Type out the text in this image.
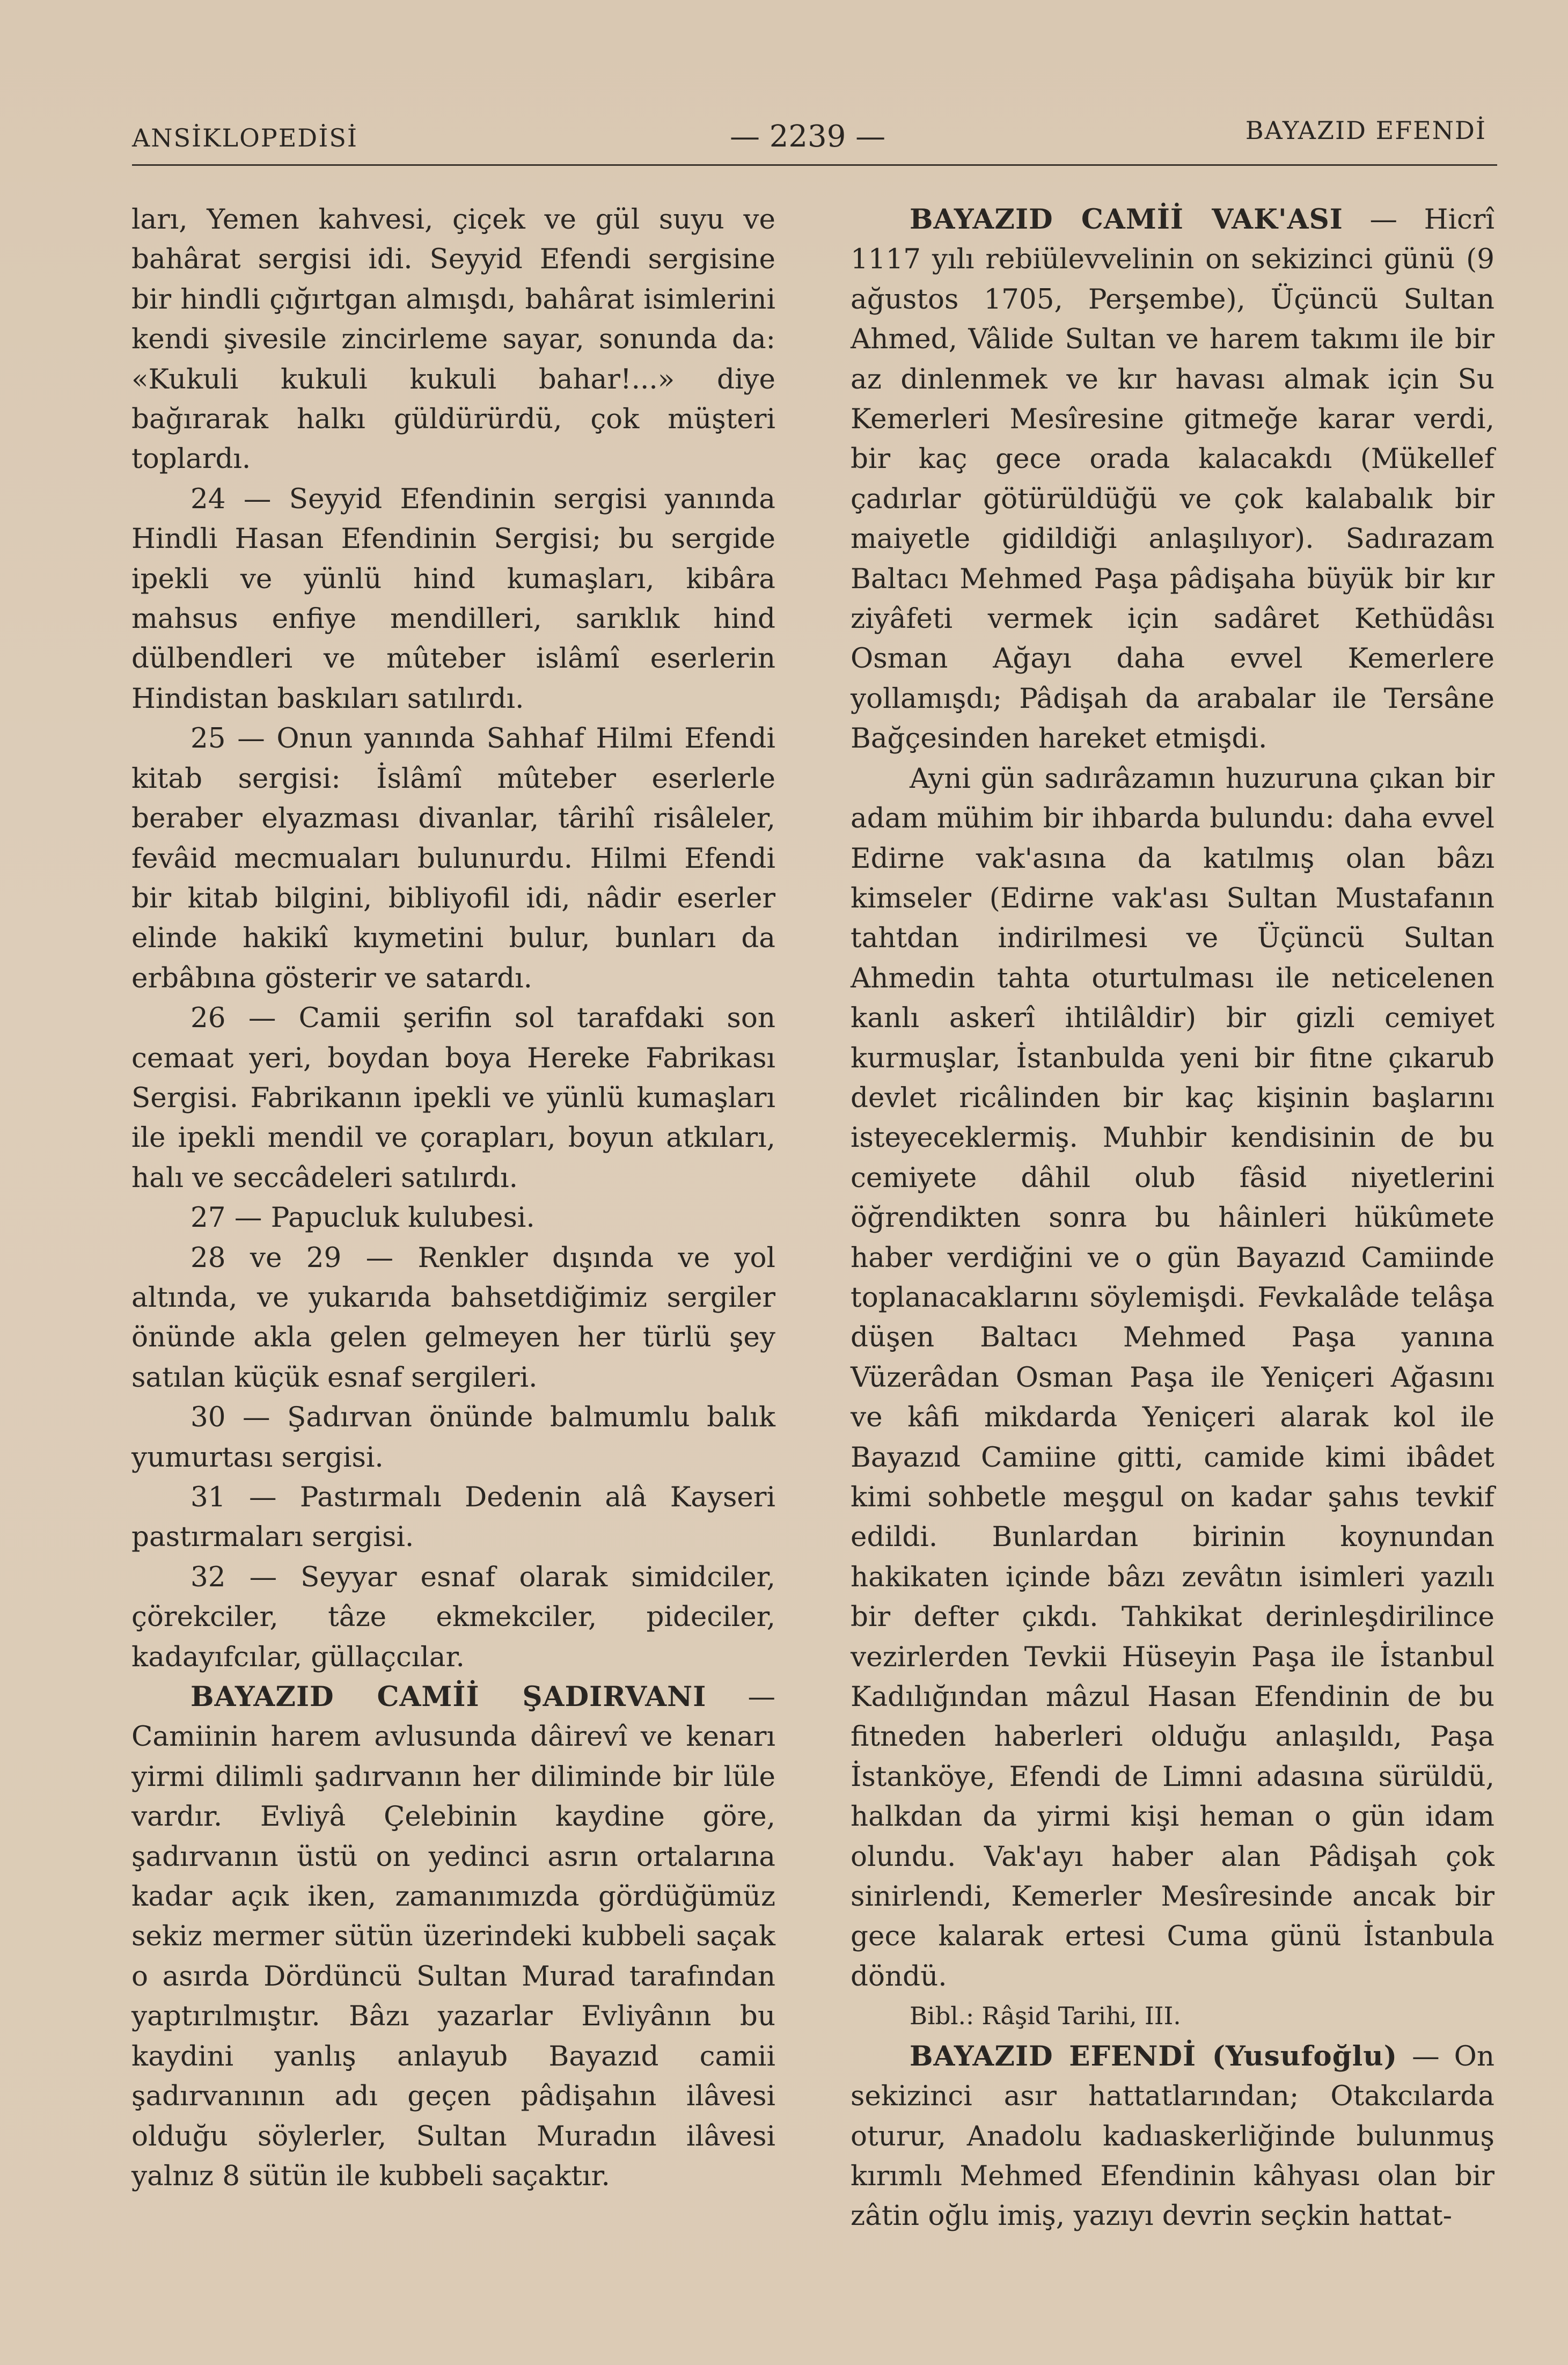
ANSİKLOPEDİSİ	— 2239 —	BAYAZID EFENDİ

ları, Yemen kahvesi, çiçek ve gül suyu ve bahârat sergisi idi. Seyyid Efendi sergisine bir hindli çığırtgan almışdı, bahârat isimlerini kendi şivesile zincirleme sayar, sonunda da: «Kukuli kukuli kukuli bahar!...» diye bağırarak halkı güldürürdü, çok müşteri toplardı.

24 — Seyyid Efendinin sergisi yanında Hindli Hasan Efendinin Sergisi; bu sergide ipekli ve yünlü hind kumaşları, kibâra mahsus enfiye mendilleri, sarıklık hind dülbendleri ve mûteber islâmî eserlerin Hindistan baskıları satılırdı.

25 — Onun yanında Sahhaf Hilmi Efendi kitab sergisi: İslâmî mûteber eserlerle beraber elyazması divanlar, târihî risâleler, fevâid mecmuaları bulunurdu. Hilmi Efendi bir kitab bilgini, bibliyofil idi, nâdir eserler elinde hakikî kıymetini bulur, bunları da erbâbına gösterir ve satardı.

26 — Camii şerifin sol tarafdaki son cemaat yeri, boydan boya Hereke Fabrikası Sergisi. Fabrikanın ipekli ve yünlü kumaşları ile ipekli mendil ve çorapları, boyun atkıları, halı ve seccâdeleri satılırdı.

27 — Papucluk kulubesi.

28 ve 29 — Renkler dışında ve yol altında, ve yukarıda bahsetdiğimiz sergiler önünde akla gelen gelmeyen her türlü şey satılan küçük esnaf sergileri.

30 — Şadırvan önünde balmumlu balık yumurtası sergisi.

31 — Pastırmalı Dedenin alâ Kayseri pastırmaları sergisi.

32 — Seyyar esnaf olarak simidciler, çörekciler, tâze ekmekciler, pideciler, kadayıfcılar, güllaçcılar.

BAYAZID CAMİİ ŞADIRVANI — Camiinin harem avlusunda dâirevî ve kenarı yirmi dilimli şadırvanın her diliminde bir lüle vardır. Evliyâ Çelebinin kaydine göre, şadırvanın üstü on yedinci asrın ortalarına kadar açık iken, zamanımızda gördüğümüz sekiz mermer sütün üzerindeki kubbeli saçak o asırda Dördüncü Sultan Murad tarafından yaptırılmıştır. Bâzı yazarlar Evliyânın bu kaydini yanlış anlayub Bayazıd camii şadırvanının adı geçen pâdişahın ilâvesi olduğu söylerler, Sultan Muradın ilâvesi yalnız 8 sütün ile kubbeli saçaktır.

BAYAZID CAMİİ VAK'ASI — Hicrî 1117 yılı rebiülevvelinin on sekizinci günü (9 ağustos 1705, Perşembe), Üçüncü Sultan Ahmed, Vâlide Sultan ve harem takımı ile bir az dinlenmek ve kır havası almak için Su Kemerleri Mesîresine gitmeğe karar verdi, bir kaç gece orada kalacakdı (Mükellef çadırlar götürüldüğü ve çok kalabalık bir maiyetle gidildiği anlaşılıyor). Sadırazam Baltacı Mehmed Paşa pâdişaha büyük bir kır ziyâfeti vermek için sadâret Kethüdâsı Osman Ağayı daha evvel Kemerlere yollamışdı; Pâdişah da arabalar ile Tersâne Bağçesinden hareket etmişdi.

Ayni gün sadırâzamın huzuruna çıkan bir adam mühim bir ihbarda bulundu: daha evvel Edirne vak'asına da katılmış olan bâzı kimseler (Edirne vak'ası Sultan Mustafanın tahtdan indirilmesi ve Üçüncü Sultan Ahmedin tahta oturtulması ile neticelenen kanlı askerî ihtilâldir) bir gizli cemiyet kurmuşlar, İstanbulda yeni bir fitne çıkarub devlet ricâlinden bir kaç kişinin başlarını isteyeceklermiş. Muhbir kendisinin de bu cemiyete dâhil olub fâsid niyetlerini öğrendikten sonra bu hâinleri hükûmete haber verdiğini ve o gün Bayazıd Camiinde toplanacaklarını söylemişdi. Fevkalâde telâşa düşen Baltacı Mehmed Paşa yanına Vüzerâdan Osman Paşa ile Yeniçeri Ağasını ve kâfi mikdarda Yeniçeri alarak kol ile Bayazıd Camiine gitti, camide kimi ibâdet kimi sohbetle meşgul on kadar şahıs tevkif edildi. Bunlardan birinin koynundan hakikaten içinde bâzı zevâtın isimleri yazılı bir defter çıkdı. Tahkikat derinleşdirilince vezirlerden Tevkii Hüseyin Paşa ile İstanbul Kadılığından mâzul Hasan Efendinin de bu fitneden haberleri olduğu anlaşıldı, Paşa İstanköye, Efendi de Limni adasına sürüldü, halkdan da yirmi kişi heman o gün idam olundu. Vak'ayı haber alan Pâdişah çok sinirlendi, Kemerler Mesîresinde ancak bir gece kalarak ertesi Cuma günü İstanbula döndü.

Bibl.: Râşid Tarihi, III.

BAYAZID EFENDİ (Yusufoğlu) — On sekizinci asır hattatlarından; Otakcılarda oturur, Anadolu kadıaskerliğinde bulunmuş kırımlı Mehmed Efendinin kâhyası olan bir zâtin oğlu imiş, yazıyı devrin seçkin hattat-
